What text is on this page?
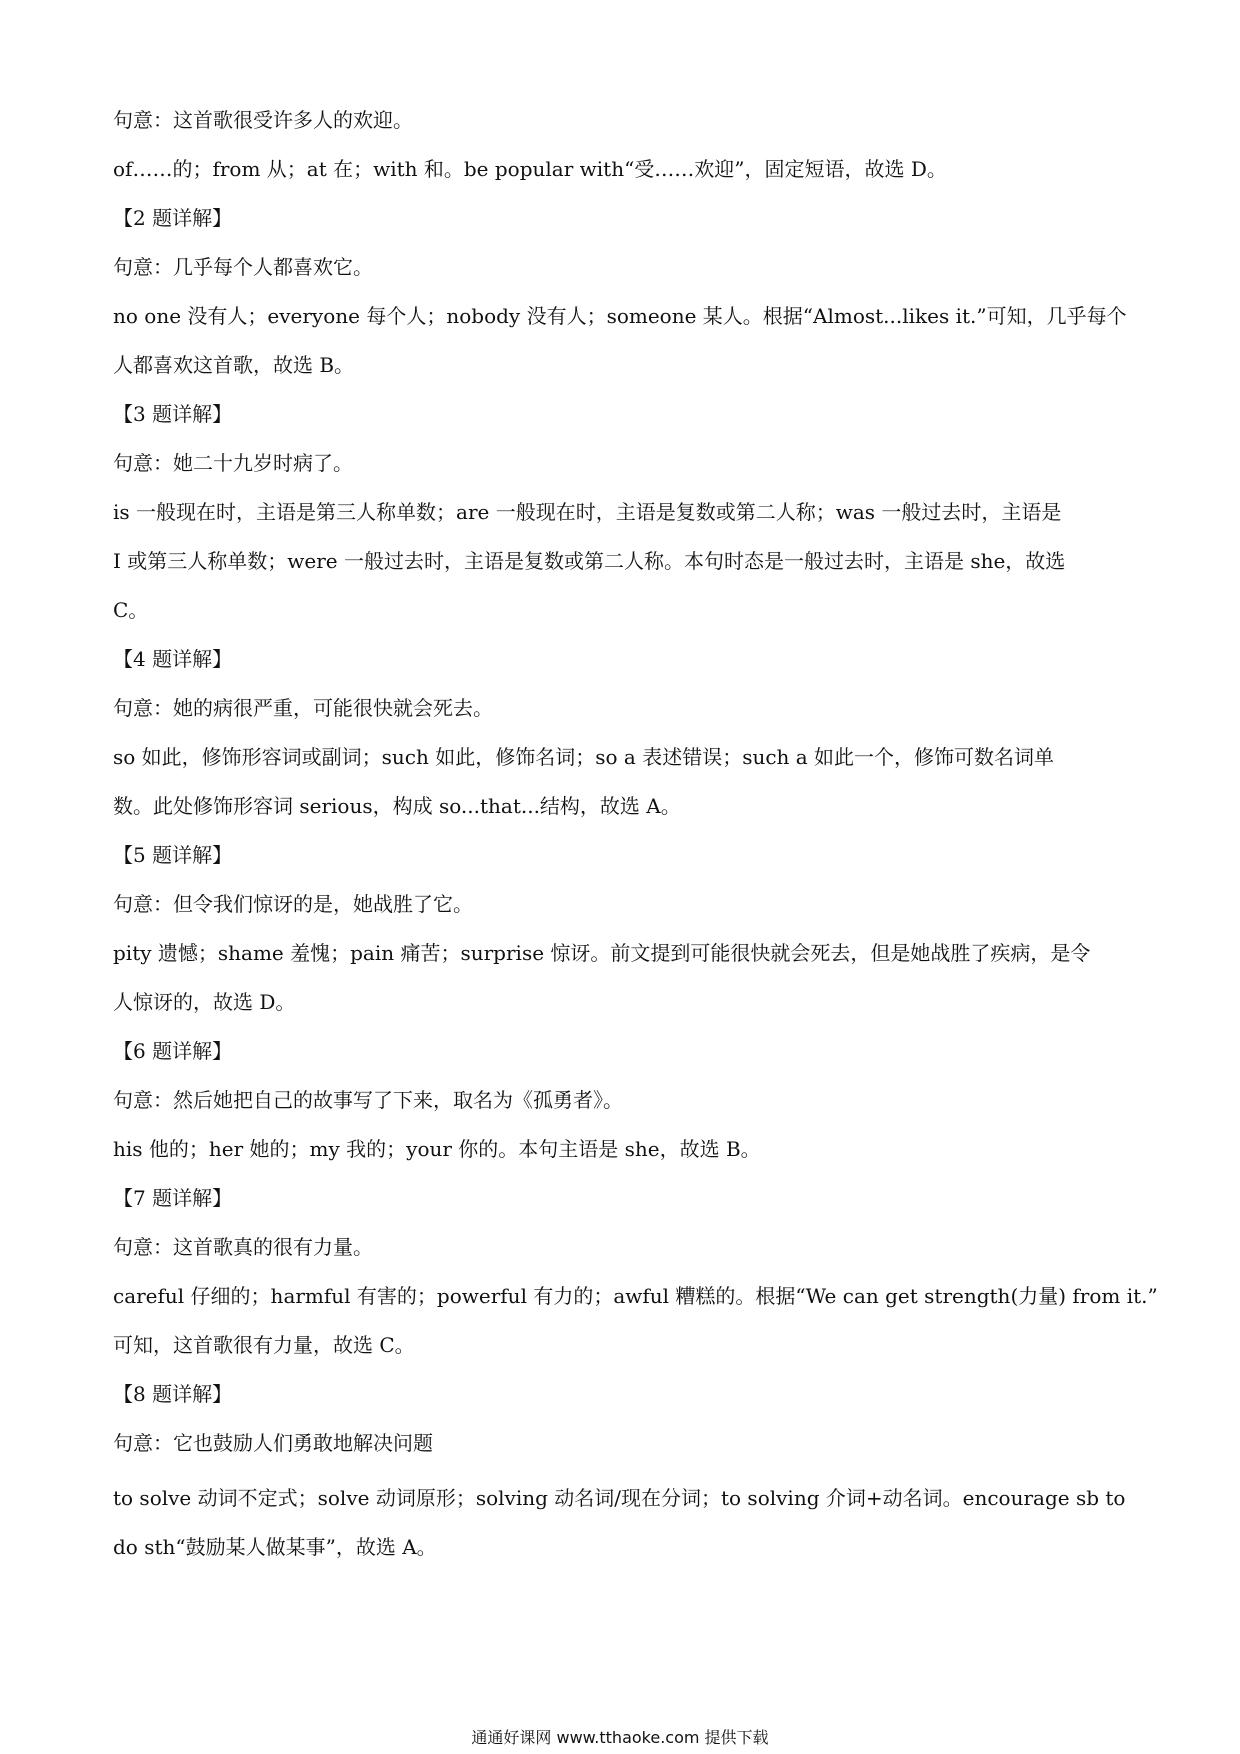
句意：这首歌很受许多人的欢迎。
of……的；from 从；at 在；with 和。be popular with“受……欢迎”，固定短语，故选 D。
【2 题详解】
句意：几乎每个人都喜欢它。
no one 没有人；everyone 每个人；nobody 没有人；someone 某人。根据“Almost...likes it.”可知，几乎每个
人都喜欢这首歌，故选 B。
【3 题详解】
句意：她二十九岁时病了。
is 一般现在时，主语是第三人称单数；are 一般现在时，主语是复数或第二人称；was 一般过去时，主语是
I 或第三人称单数；were 一般过去时，主语是复数或第二人称。本句时态是一般过去时，主语是 she，故选
C。
【4 题详解】
句意：她的病很严重，可能很快就会死去。
so 如此，修饰形容词或副词；such 如此，修饰名词；so a 表述错误；such a 如此一个，修饰可数名词单
数。此处修饰形容词 serious，构成 so...that...结构，故选 A。
【5 题详解】
句意：但令我们惊讶的是，她战胜了它。
pity 遗憾；shame 羞愧；pain 痛苦；surprise 惊讶。前文提到可能很快就会死去，但是她战胜了疾病，是令
人惊讶的，故选 D。
【6 题详解】
句意：然后她把自己的故事写了下来，取名为《孤勇者》。
his 他的；her 她的；my 我的；your 你的。本句主语是 she，故选 B。
【7 题详解】
句意：这首歌真的很有力量。
careful 仔细的；harmful 有害的；powerful 有力的；awful 糟糕的。根据“We can get strength(力量) from it.”
可知，这首歌很有力量，故选 C。
【8 题详解】
句意：它也鼓励人们勇敢地解决问题
to solve 动词不定式；solve 动词原形；solving 动名词/现在分词；to solving 介词+动名词。encourage sb to
do sth“鼓励某人做某事”，故选 A。
通通好课网 www.tthaoke.com 提供下载
